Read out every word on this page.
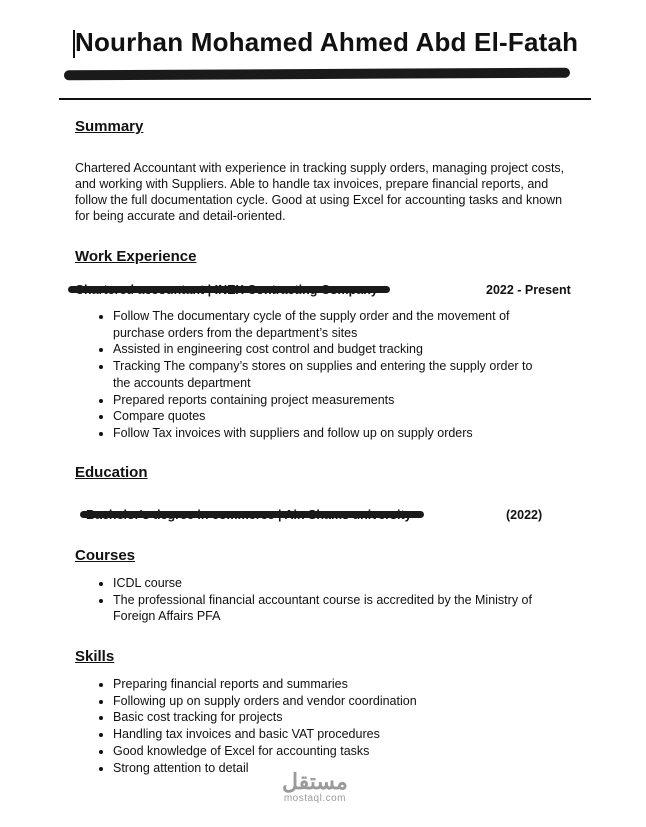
Nourhan Mohamed Ahmed Abd El-Fatah
Summary
Chartered Accountant with experience in tracking supply orders, managing project costs, and working with Suppliers. Able to handle tax invoices, prepare financial reports, and follow the full documentation cycle. Good at using Excel for accounting tasks and known for being accurate and detail-oriented.
Work Experience
2022 - Present
• Follow The documentary cycle of the supply order and the movement of purchase orders from the department’s sites
• Assisted in engineering cost control and budget tracking
• Tracking The company’s stores on supplies and entering the supply order to the accounts department
• Prepared reports containing project measurements
• Compare quotes
• Follow Tax invoices with suppliers and follow up on supply orders
Education
(2022)
Courses
• ICDL course
• The professional financial accountant course is accredited by the Ministry of Foreign Affairs PFA
Skills
• Preparing financial reports and summaries
• Following up on supply orders and vendor coordination
• Basic cost tracking for projects
• Handling tax invoices and basic VAT procedures
• Good knowledge of Excel for accounting tasks
• Strong attention to detail
مستقل
mostaql.com
